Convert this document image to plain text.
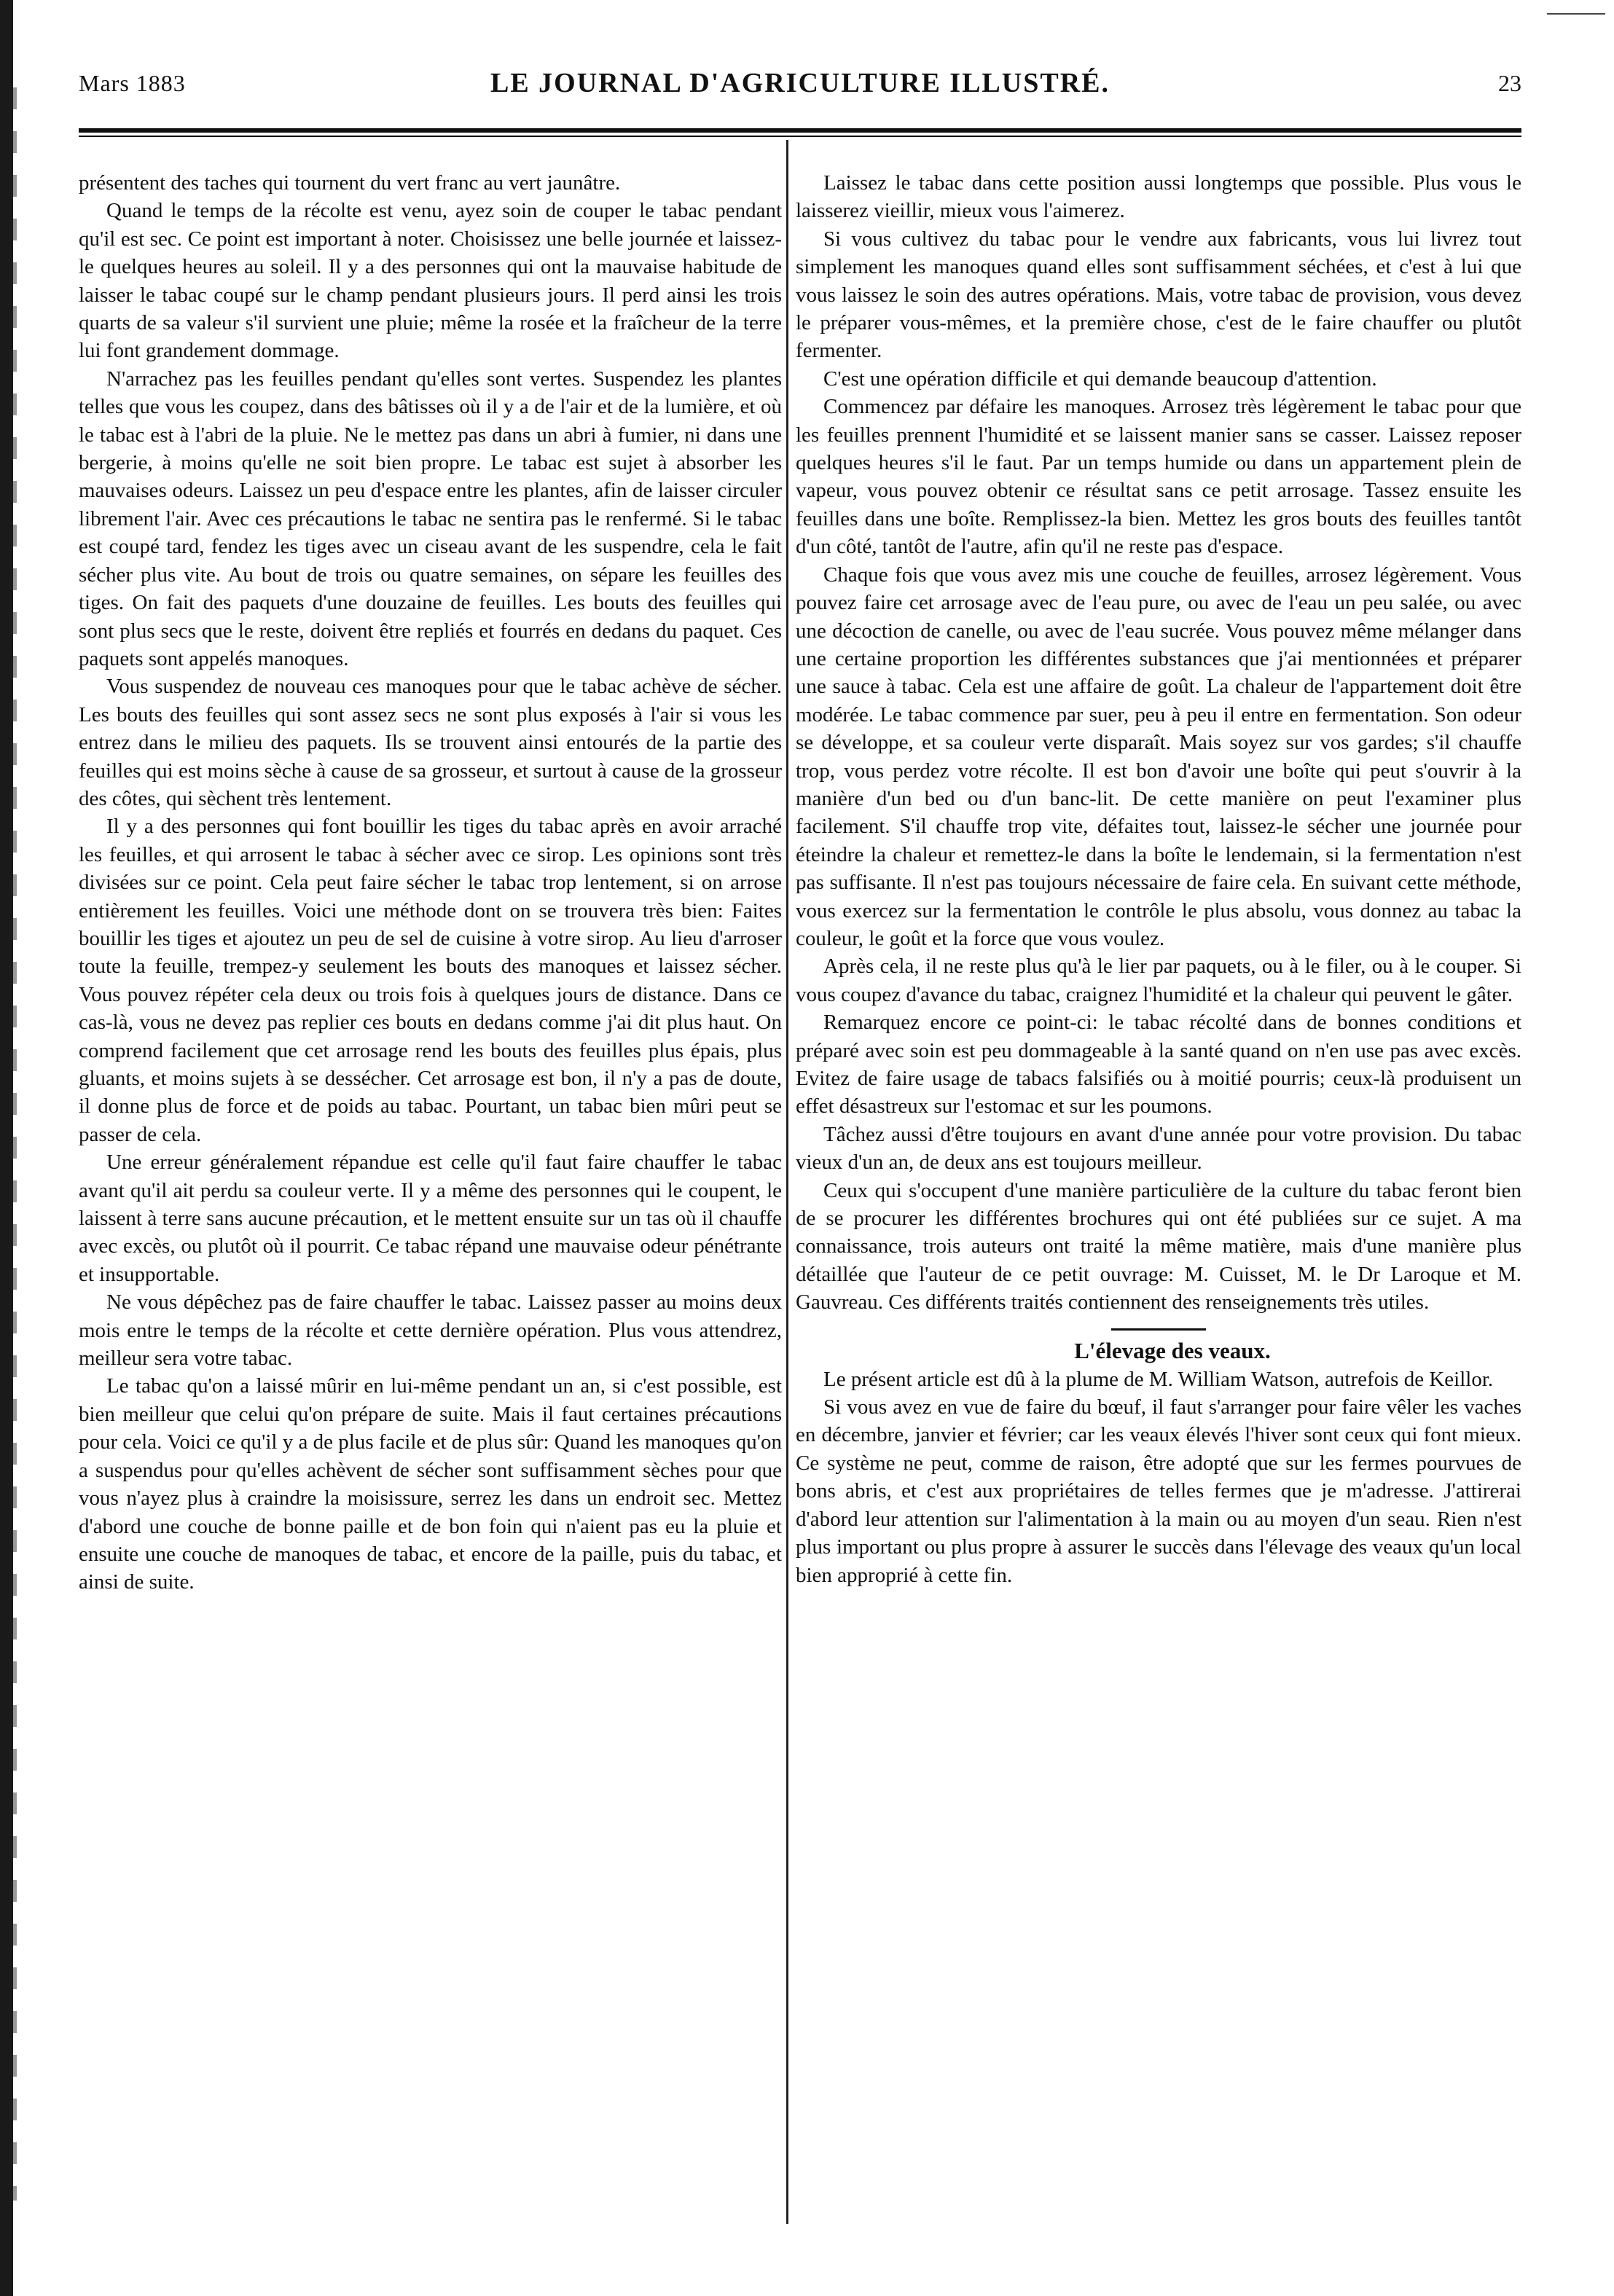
Mars 1883	LE JOURNAL D'AGRICULTURE ILLUSTRÉ.	23

présentent des taches qui tournent du vert franc au vert jaunâtre.

Quand le temps de la récolte est venu, ayez soin de couper le tabac pendant qu'il est sec. Ce point est important à noter. Choisissez une belle journée et laissez-le quelques heures au soleil. Il y a des personnes qui ont la mauvaise habitude de laisser le tabac coupé sur le champ pendant plusieurs jours. Il perd ainsi les trois quarts de sa valeur s'il survient une pluie; même la rosée et la fraîcheur de la terre lui font grandement dommage.

N'arrachez pas les feuilles pendant qu'elles sont vertes. Suspendez les plantes telles que vous les coupez, dans des bâtisses où il y a de l'air et de la lumière, et où le tabac est à l'abri de la pluie. Ne le mettez pas dans un abri à fumier, ni dans une bergerie, à moins qu'elle ne soit bien propre. Le tabac est sujet à absorber les mauvaises odeurs. Laissez un peu d'espace entre les plantes, afin de laisser circuler librement l'air. Avec ces précautions le tabac ne sentira pas le renfermé. Si le tabac est coupé tard, fendez les tiges avec un ciseau avant de les suspendre, cela le fait sécher plus vite. Au bout de trois ou quatre semaines, on sépare les feuilles des tiges. On fait des paquets d'une douzaine de feuilles. Les bouts des feuilles qui sont plus secs que le reste, doivent être repliés et fourrés en dedans du paquet. Ces paquets sont appelés manoques.

Vous suspendez de nouveau ces manoques pour que le tabac achève de sécher. Les bouts des feuilles qui sont assez secs ne sont plus exposés à l'air si vous les entrez dans le milieu des paquets. Ils se trouvent ainsi entourés de la partie des feuilles qui est moins sèche à cause de sa grosseur, et surtout à cause de la grosseur des côtes, qui sèchent très lentement.

Il y a des personnes qui font bouillir les tiges du tabac après en avoir arraché les feuilles, et qui arrosent le tabac à sécher avec ce sirop. Les opinions sont très divisées sur ce point. Cela peut faire sécher le tabac trop lentement, si on arrose entièrement les feuilles. Voici une méthode dont on se trouvera très bien: Faites bouillir les tiges et ajoutez un peu de sel de cuisine à votre sirop. Au lieu d'arroser toute la feuille, trempez-y seulement les bouts des manoques et laissez sécher. Vous pouvez répéter cela deux ou trois fois à quelques jours de distance. Dans ce cas-là, vous ne devez pas replier ces bouts en dedans comme j'ai dit plus haut. On comprend facilement que cet arrosage rend les bouts des feuilles plus épais, plus gluants, et moins sujets à se dessécher. Cet arrosage est bon, il n'y a pas de doute, il donne plus de force et de poids au tabac. Pourtant, un tabac bien mûri peut se passer de cela.

Une erreur généralement répandue est celle qu'il faut faire chauffer le tabac avant qu'il ait perdu sa couleur verte. Il y a même des personnes qui le coupent, le laissent à terre sans aucune précaution, et le mettent ensuite sur un tas où il chauffe avec excès, ou plutôt où il pourrit. Ce tabac répand une mauvaise odeur pénétrante et insupportable.

Ne vous dépêchez pas de faire chauffer le tabac. Laissez passer au moins deux mois entre le temps de la récolte et cette dernière opération. Plus vous attendrez, meilleur sera votre tabac.

Le tabac qu'on a laissé mûrir en lui-même pendant un an, si c'est possible, est bien meilleur que celui qu'on prépare de suite. Mais il faut certaines précautions pour cela. Voici ce qu'il y a de plus facile et de plus sûr: Quand les manoques qu'on a suspendus pour qu'elles achèvent de sécher sont suffisamment sèches pour que vous n'ayez plus à craindre la moisissure, serrez les dans un endroit sec. Mettez d'abord une couche de bonne paille et de bon foin qui n'aient pas eu la pluie et ensuite une couche de manoques de tabac, et encore de la paille, puis du tabac, et ainsi de suite.

Laissez le tabac dans cette position aussi longtemps que possible. Plus vous le laisserez vieillir, mieux vous l'aimerez.

Si vous cultivez du tabac pour le vendre aux fabricants, vous lui livrez tout simplement les manoques quand elles sont suffisamment séchées, et c'est à lui que vous laissez le soin des autres opérations. Mais, votre tabac de provision, vous devez le préparer vous-mêmes, et la première chose, c'est de le faire chauffer ou plutôt fermenter.

C'est une opération difficile et qui demande beaucoup d'attention.

Commencez par défaire les manoques. Arrosez très légèrement le tabac pour que les feuilles prennent l'humidité et se laissent manier sans se casser. Laissez reposer quelques heures s'il le faut. Par un temps humide ou dans un appartement plein de vapeur, vous pouvez obtenir ce résultat sans ce petit arrosage. Tassez ensuite les feuilles dans une boîte. Remplissez-la bien. Mettez les gros bouts des feuilles tantôt d'un côté, tantôt de l'autre, afin qu'il ne reste pas d'espace.

Chaque fois que vous avez mis une couche de feuilles, arrosez légèrement. Vous pouvez faire cet arrosage avec de l'eau pure, ou avec de l'eau un peu salée, ou avec une décoction de canelle, ou avec de l'eau sucrée. Vous pouvez même mélanger dans une certaine proportion les différentes substances que j'ai mentionnées et préparer une sauce à tabac. Cela est une affaire de goût. La chaleur de l'appartement doit être modérée. Le tabac commence par suer, peu à peu il entre en fermentation. Son odeur se développe, et sa couleur verte disparaît. Mais soyez sur vos gardes; s'il chauffe trop, vous perdez votre récolte. Il est bon d'avoir une boîte qui peut s'ouvrir à la manière d'un bed ou d'un banc-lit. De cette manière on peut l'examiner plus facilement. S'il chauffe trop vite, défaites tout, laissez-le sécher une journée pour éteindre la chaleur et remettez-le dans la boîte le lendemain, si la fermentation n'est pas suffisante. Il n'est pas toujours nécessaire de faire cela. En suivant cette méthode, vous exercez sur la fermentation le contrôle le plus absolu, vous donnez au tabac la couleur, le goût et la force que vous voulez.

Après cela, il ne reste plus qu'à le lier par paquets, ou à le filer, ou à le couper. Si vous coupez d'avance du tabac, craignez l'humidité et la chaleur qui peuvent le gâter.

Remarquez encore ce point-ci: le tabac récolté dans de bonnes conditions et préparé avec soin est peu dommageable à la santé quand on n'en use pas avec excès. Evitez de faire usage de tabacs falsifiés ou à moitié pourris; ceux-là produisent un effet désastreux sur l'estomac et sur les poumons.

Tâchez aussi d'être toujours en avant d'une année pour votre provision. Du tabac vieux d'un an, de deux ans est toujours meilleur.

Ceux qui s'occupent d'une manière particulière de la culture du tabac feront bien de se procurer les différentes brochures qui ont été publiées sur ce sujet. A ma connaissance, trois auteurs ont traité la même matière, mais d'une manière plus détaillée que l'auteur de ce petit ouvrage: M. Cuisset, M. le Dr Laroque et M. Gauvreau. Ces différents traités contiennent des renseignements très utiles.

L'élevage des veaux.

Le présent article est dû à la plume de M. William Watson, autrefois de Keillor.

Si vous avez en vue de faire du bœuf, il faut s'arranger pour faire vêler les vaches en décembre, janvier et février; car les veaux élevés l'hiver sont ceux qui font mieux. Ce système ne peut, comme de raison, être adopté que sur les fermes pourvues de bons abris, et c'est aux propriétaires de telles fermes que je m'adresse. J'attirerai d'abord leur attention sur l'alimentation à la main ou au moyen d'un seau. Rien n'est plus important ou plus propre à assurer le succès dans l'élevage des veaux qu'un local bien approprié à cette fin.
